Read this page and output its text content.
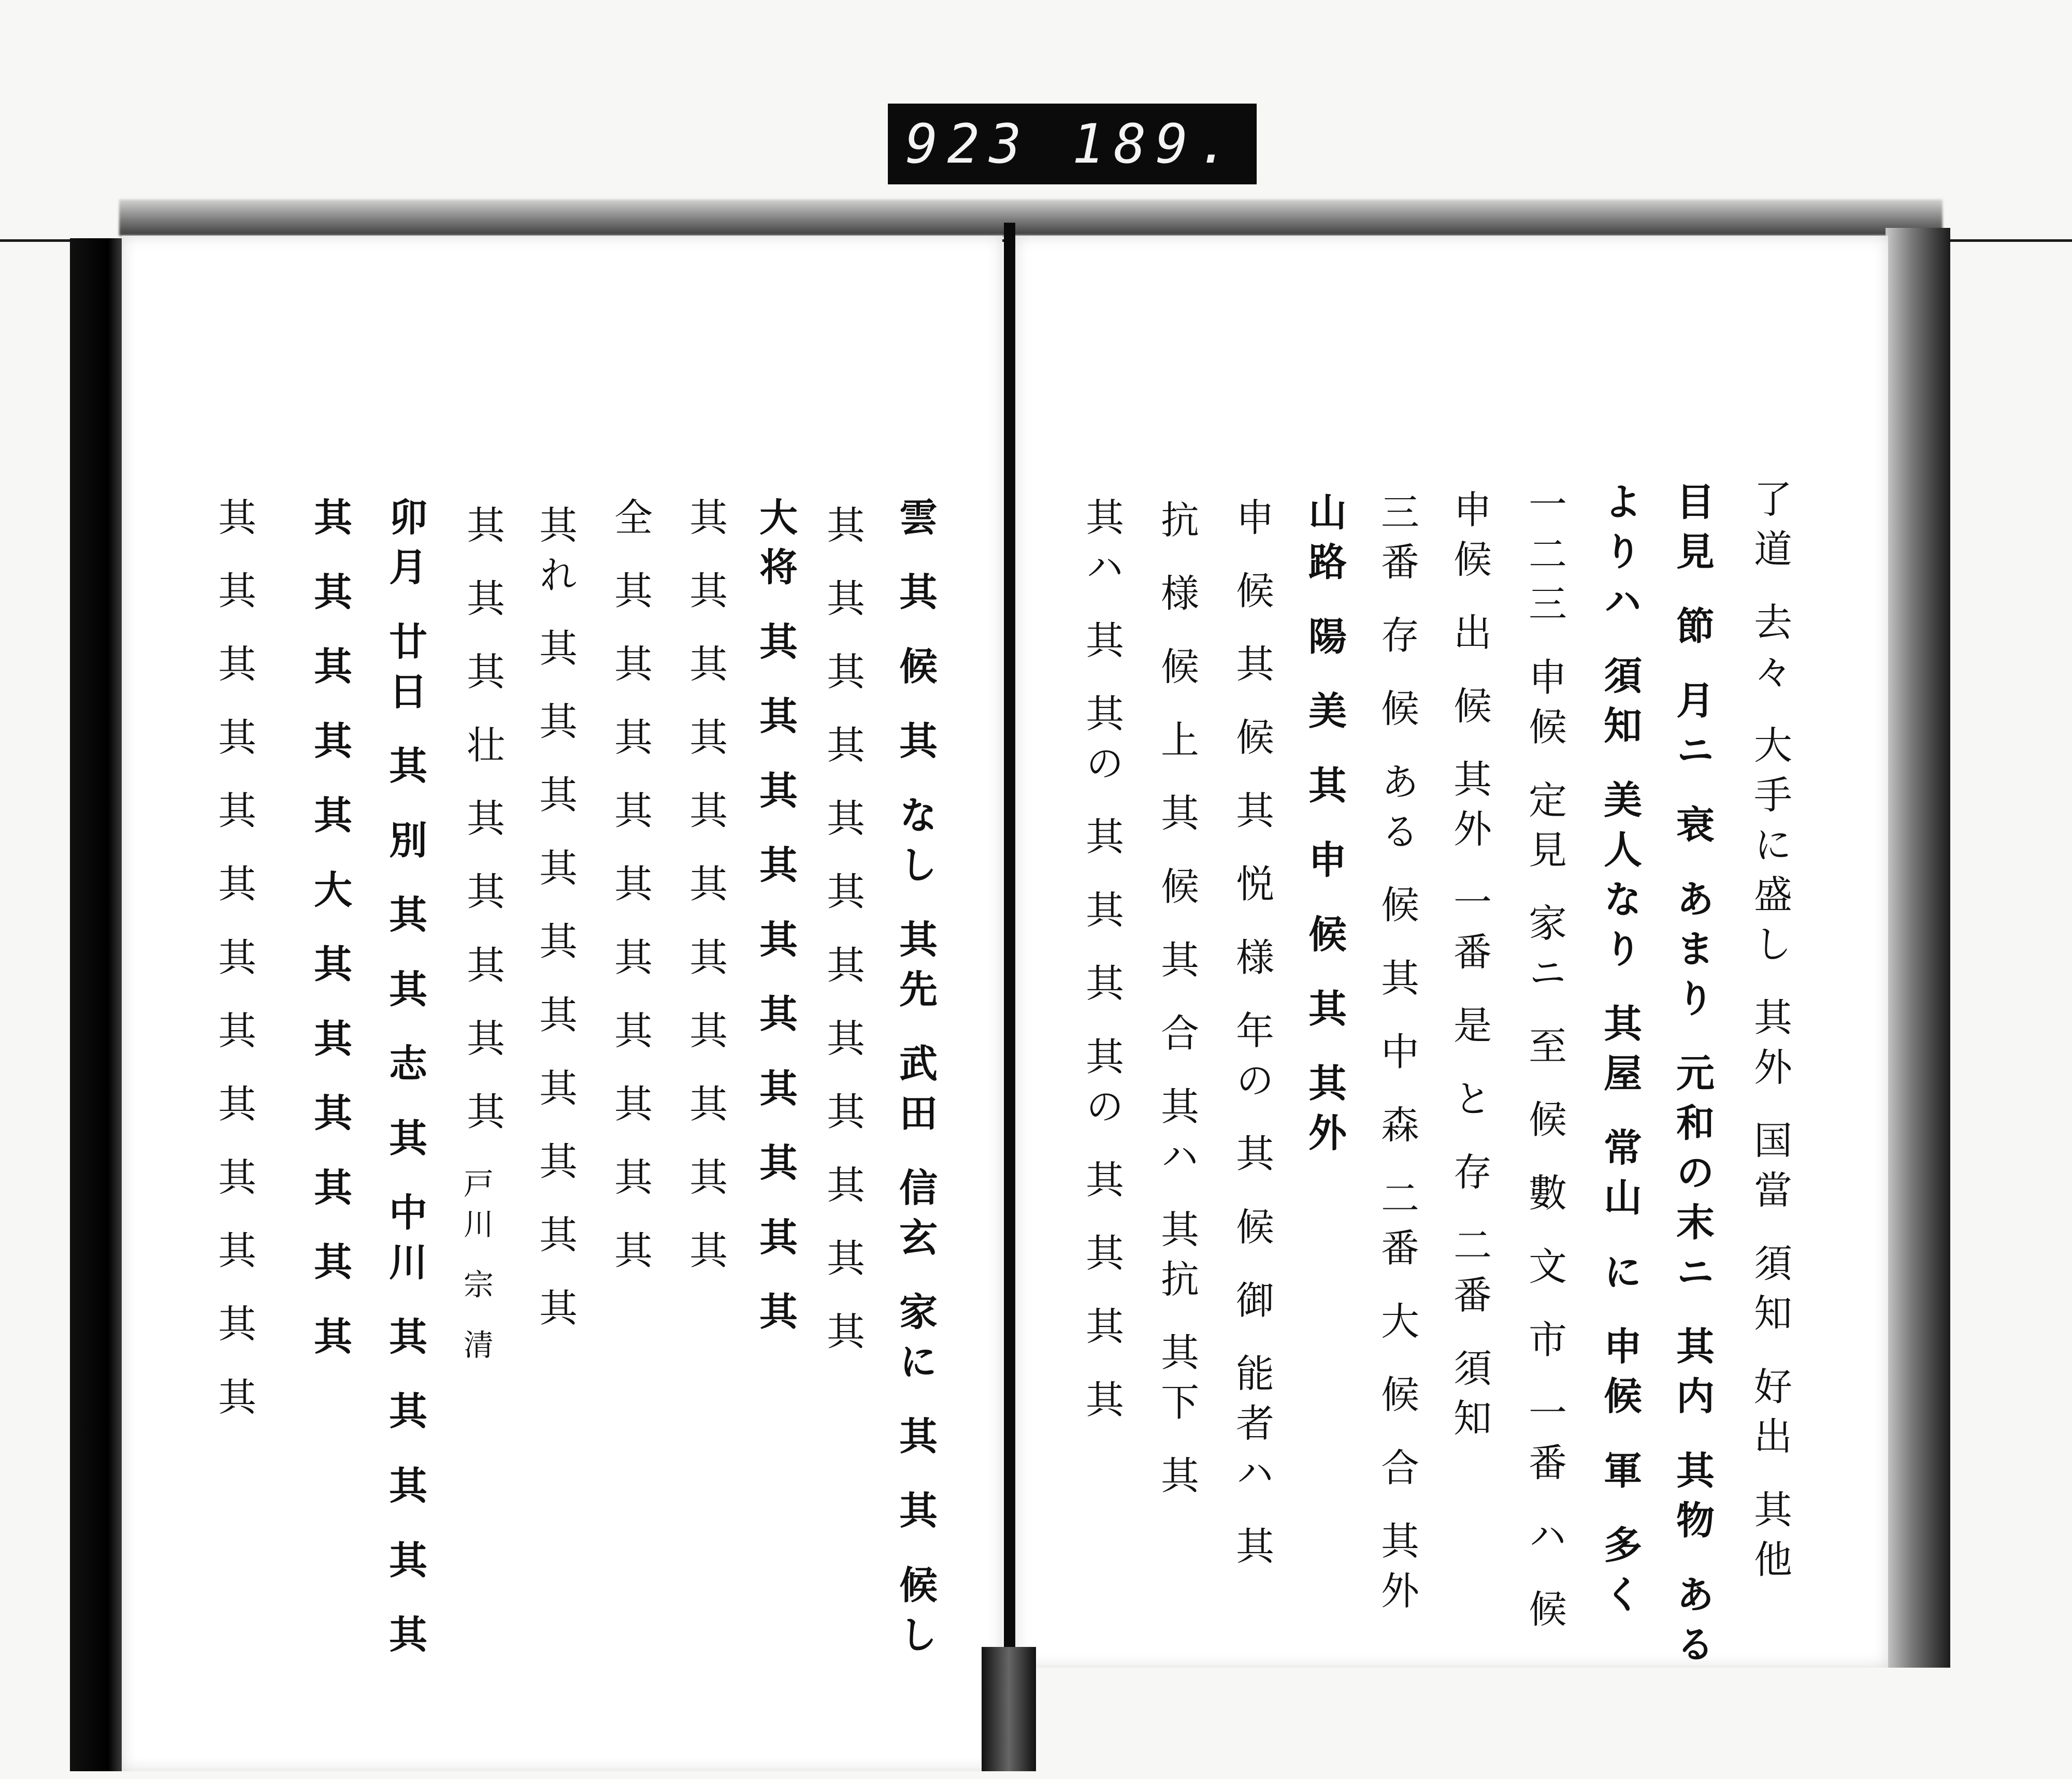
923 189.
雲 其 候 其 なし 其先 武田 信玄 家に 其 其 候し
其 其 其 其 其 其 其 其 其 其 其 其
大将 其 其 其 其 其 其 其 其 其 其
其 其 其 其 其 其 其 其 其 其 其
全 其 其 其 其 其 其 其 其 其 其
其れ 其 其 其 其 其 其 其 其 其 其
其 其 其 壮 其 其 其 其 其
戸川 宗 清
卯月 廿日 其 別 其 其 志 其 中川 其 其 其 其 其
其 其 其 其 其 大 其 其 其 其 其 其
其 其 其 其 其 其 其 其 其 其 其 其 其	了道 去々 大手に盛し 其外 国當 須知 好出 其他
目見 節 月ニ 衰 あまり 元和の末ニ 其内 其物 ある
よりハ 須知 美人なり 其屋 常山 に 申候 軍 多く
一二三 申候 定見 家ニ 至 候 數 文 市 一番 ハ 候
申候 出 候 其外 一番 是 と 存 二番 須知
三番 存 候 ある 候 其 中 森 二番 大 候 合 其外
山路 陽 美 其 申 候 其 其外
申 候 其 候 其 悦 様 年の 其 候 御 能者ハ 其
抗 様 候 上 其 候 其 合 其ハ 其抗 其下 其
其ハ 其 其の 其 其 其 其の 其 其 其 其
